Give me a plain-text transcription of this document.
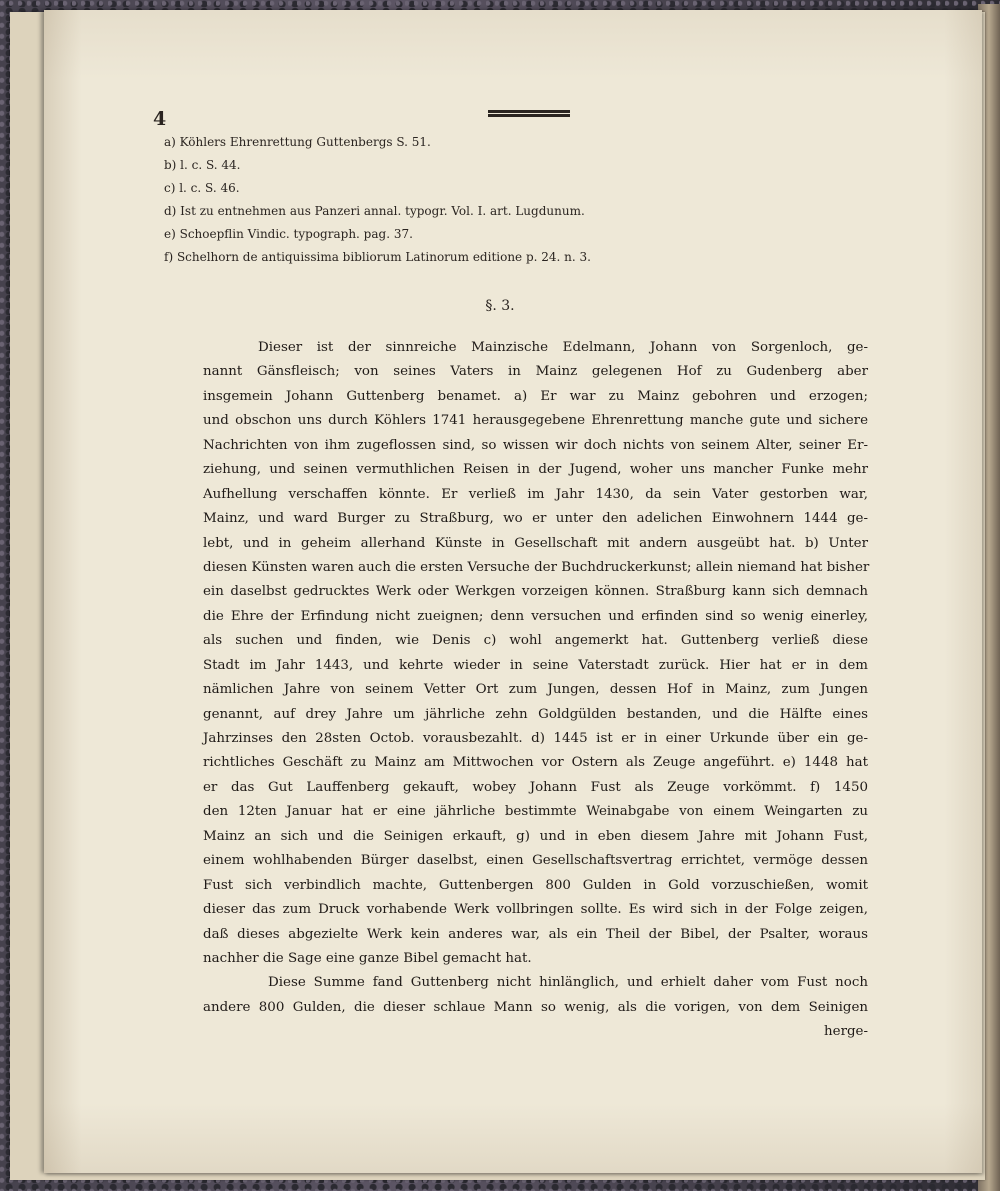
4
a) Köhlers Ehrenrettung Guttenbergs S. 51.
b) l. c. S. 44.
c) l. c. S. 46.
d) Ist zu entnehmen aus Panzeri annal. typogr. Vol. I. art. Lugdunum.
e) Schoepflin Vindic. typograph. pag. 37.
f) Schelhorn de antiquissima bibliorum Latinorum editione p. 24. n. 3.
§. 3.
Dieser ist der sinnreiche Mainzische Edelmann, Johann von Sorgenloch, ge-
nannt Gänsfleisch; von seines Vaters in Mainz gelegenen Hof zu Gudenberg aber
insgemein Johann Guttenberg benamet. a) Er war zu Mainz gebohren und erzogen;
und obschon uns durch Köhlers 1741 herausgegebene Ehrenrettung manche gute und sichere
Nachrichten von ihm zugeflossen sind, so wissen wir doch nichts von seinem Alter, seiner Er-
ziehung, und seinen vermuthlichen Reisen in der Jugend, woher uns mancher Funke mehr
Aufhellung verschaffen könnte. Er verließ im Jahr 1430, da sein Vater gestorben war,
Mainz, und ward Burger zu Straßburg, wo er unter den adelichen Einwohnern 1444 ge-
lebt, und in geheim allerhand Künste in Gesellschaft mit andern ausgeübt hat. b) Unter
diesen Künsten waren auch die ersten Versuche der Buchdruckerkunst; allein niemand hat bisher
ein daselbst gedrucktes Werk oder Werkgen vorzeigen können. Straßburg kann sich demnach
die Ehre der Erfindung nicht zueignen; denn versuchen und erfinden sind so wenig einerley,
als suchen und finden, wie Denis c) wohl angemerkt hat. Guttenberg verließ diese
Stadt im Jahr 1443, und kehrte wieder in seine Vaterstadt zurück. Hier hat er in dem
nämlichen Jahre von seinem Vetter Ort zum Jungen, dessen Hof in Mainz, zum Jungen
genannt, auf drey Jahre um jährliche zehn Goldgülden bestanden, und die Hälfte eines
Jahrzinses den 28sten Octob. vorausbezahlt. d) 1445 ist er in einer Urkunde über ein ge-
richtliches Geschäft zu Mainz am Mittwochen vor Ostern als Zeuge angeführt. e) 1448 hat
er das Gut Lauffenberg gekauft, wobey Johann Fust als Zeuge vorkömmt. f) 1450
den 12ten Januar hat er eine jährliche bestimmte Weinabgabe von einem Weingarten zu
Mainz an sich und die Seinigen erkauft, g) und in eben diesem Jahre mit Johann Fust,
einem wohlhabenden Bürger daselbst, einen Gesellschaftsvertrag errichtet, vermöge dessen
Fust sich verbindlich machte, Guttenbergen 800 Gulden in Gold vorzuschießen, womit
dieser das zum Druck vorhabende Werk vollbringen sollte. Es wird sich in der Folge zeigen,
daß dieses abgezielte Werk kein anderes war, als ein Theil der Bibel, der Psalter, woraus
nachher die Sage eine ganze Bibel gemacht hat.
Diese Summe fand Guttenberg nicht hinlänglich, und erhielt daher vom Fust noch
andere 800 Gulden, die dieser schlaue Mann so wenig, als die vorigen, von dem Seinigen
herge-
